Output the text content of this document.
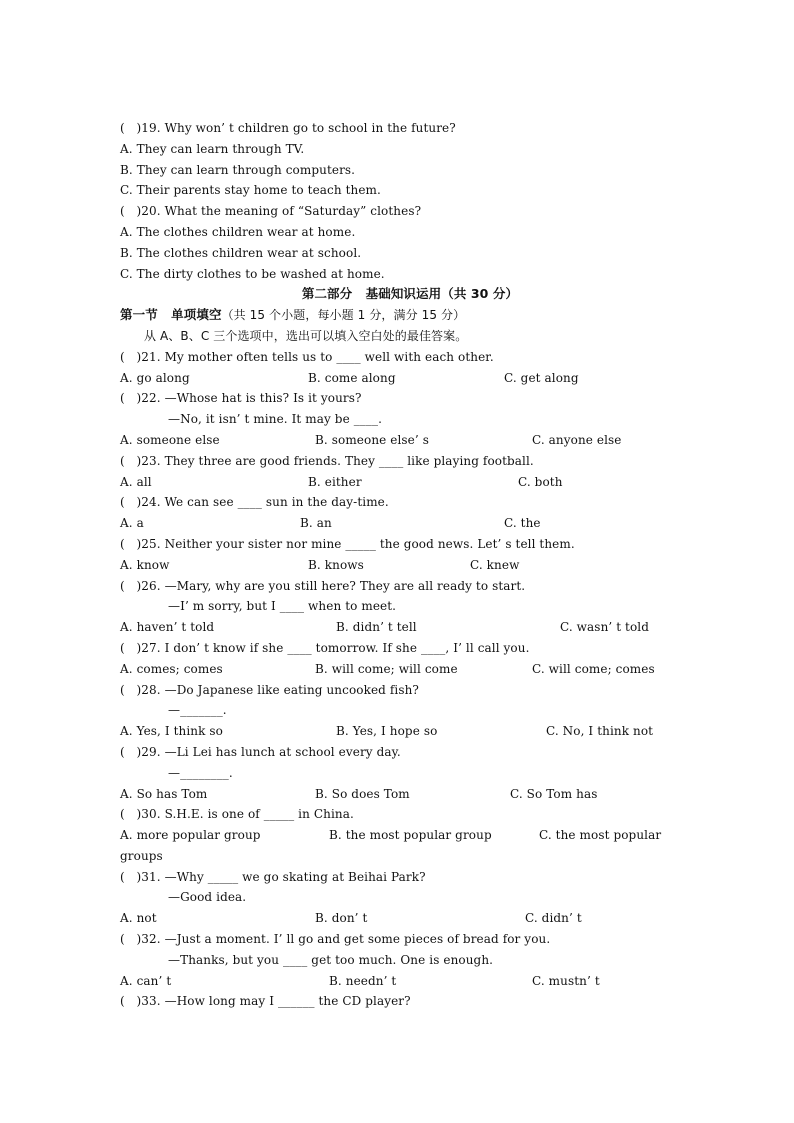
(   )19. Why won’ t children go to school in the future?
A. They can learn through TV.
B. They can learn through computers.
C. Their parents stay home to teach them.
(   )20. What the meaning of “Saturday” clothes?
A. The clothes children wear at home.
B. The clothes children wear at school.
C. The dirty clothes to be washed at home.
第二部分   基础知识运用（共 30 分）
第一节   单项填空（共 15 个小题，每小题 1 分，满分 15 分）
从 A、B、C 三个选项中，选出可以填入空白处的最佳答案。
(   )21. My mother often tells us to ____ well with each other.

A. go along

	B. come along

	C. get along

(   )22. —Whose hat is this? Is it yours?
—No, it isn’ t mine. It may be ____.

A. someone else

	B. someone else’ s

	C. anyone else

(   )23. They three are good friends. They ____ like playing football.

A. all

	B. either

	C. both

(   )24. We can see ____ sun in the day-time.

A. a

	B. an

	C. the

(   )25. Neither your sister nor mine _____ the good news. Let’ s tell them.

A. know

	B. knows

	C. knew

(   )26. —Mary, why are you still here? They are all ready to start.
—I’ m sorry, but I ____ when to meet.

A. haven’ t told

	B. didn’ t tell

	C. wasn’ t told

(   )27. I don’ t know if she ____ tomorrow. If she ____, I’ ll call you.

A. comes; comes

	B. will come; will come

	C. will come; comes

(   )28. —Do Japanese like eating uncooked fish?
—_______.

A. Yes, I think so

	B. Yes, I hope so

	C. No, I think not

(   )29. —Li Lei has lunch at school every day.
—________.

A. So has Tom

	B. So does Tom

	C. So Tom has

(   )30. S.H.E. is one of _____ in China.

A. more popular group

	B. the most popular group

	C. the most popular

groups
(   )31. —Why _____ we go skating at Beihai Park?
—Good idea.

A. not

	B. don’ t

	C. didn’ t

(   )32. —Just a moment. I’ ll go and get some pieces of bread for you.
—Thanks, but you ____ get too much. One is enough.

A. can’ t

	B. needn’ t

	C. mustn’ t

(   )33. —How long may I ______ the CD player?
